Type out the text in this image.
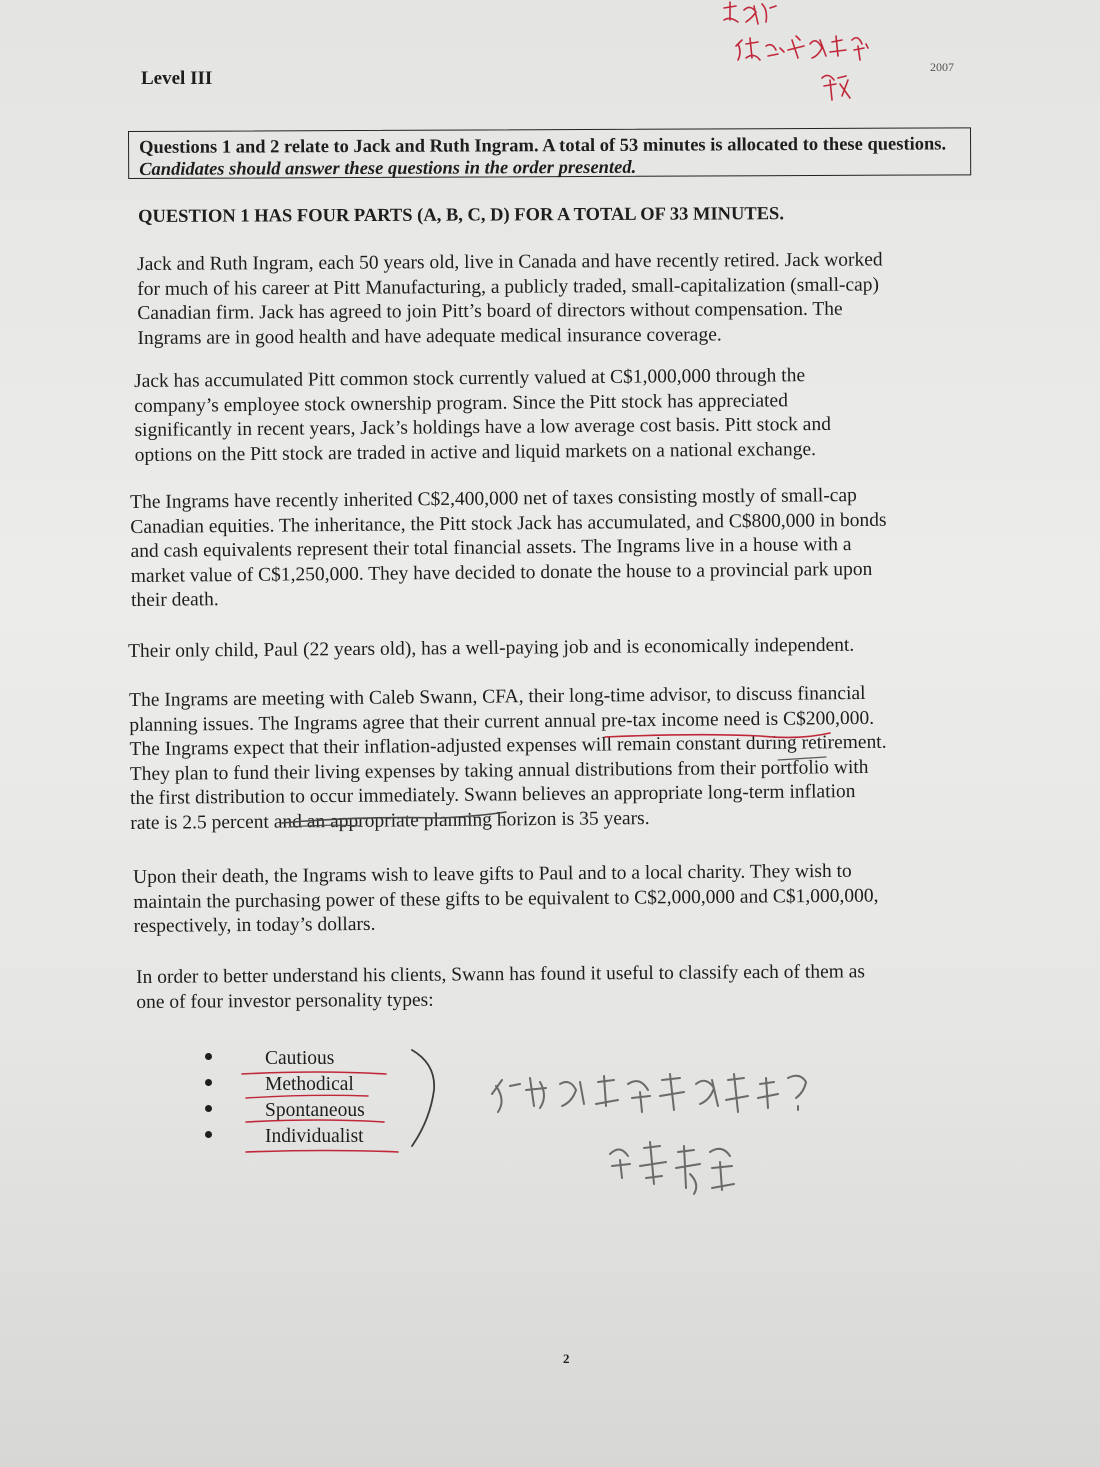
Level III
2007
Questions 1 and 2 relate to Jack and Ruth Ingram. A total of 53 minutes is allocated to these questions. Candidates should answer these questions in the order presented.
QUESTION 1 HAS FOUR PARTS (A, B, C, D) FOR A TOTAL OF 33 MINUTES.
Jack and Ruth Ingram, each 50 years old, live in Canada and have recently retired. Jack worked
for much of his career at Pitt Manufacturing, a publicly traded, small-capitalization (small-cap)
Canadian firm. Jack has agreed to join Pitt’s board of directors without compensation. The
Ingrams are in good health and have adequate medical insurance coverage.
Jack has accumulated Pitt common stock currently valued at C$1,000,000 through the
company’s employee stock ownership program. Since the Pitt stock has appreciated
significantly in recent years, Jack’s holdings have a low average cost basis. Pitt stock and
options on the Pitt stock are traded in active and liquid markets on a national exchange.
The Ingrams have recently inherited C$2,400,000 net of taxes consisting mostly of small-cap
Canadian equities. The inheritance, the Pitt stock Jack has accumulated, and C$800,000 in bonds
and cash equivalents represent their total financial assets. The Ingrams live in a house with a
market value of C$1,250,000. They have decided to donate the house to a provincial park upon
their death.
Their only child, Paul (22 years old), has a well-paying job and is economically independent.
The Ingrams are meeting with Caleb Swann, CFA, their long-time advisor, to discuss financial
planning issues. The Ingrams agree that their current annual pre-tax income need is C$200,000.
The Ingrams expect that their inflation-adjusted expenses will remain constant during retirement.
They plan to fund their living expenses by taking annual distributions from their portfolio with
the first distribution to occur immediately. Swann believes an appropriate long-term inflation
rate is 2.5 percent and an appropriate planning horizon is 35 years.
Upon their death, the Ingrams wish to leave gifts to Paul and to a local charity. They wish to
maintain the purchasing power of these gifts to be equivalent to C$2,000,000 and C$1,000,000,
respectively, in today’s dollars.
In order to better understand his clients, Swann has found it useful to classify each of them as
one of four investor personality types:
Cautious
Methodical
Spontaneous
Individualist
2
